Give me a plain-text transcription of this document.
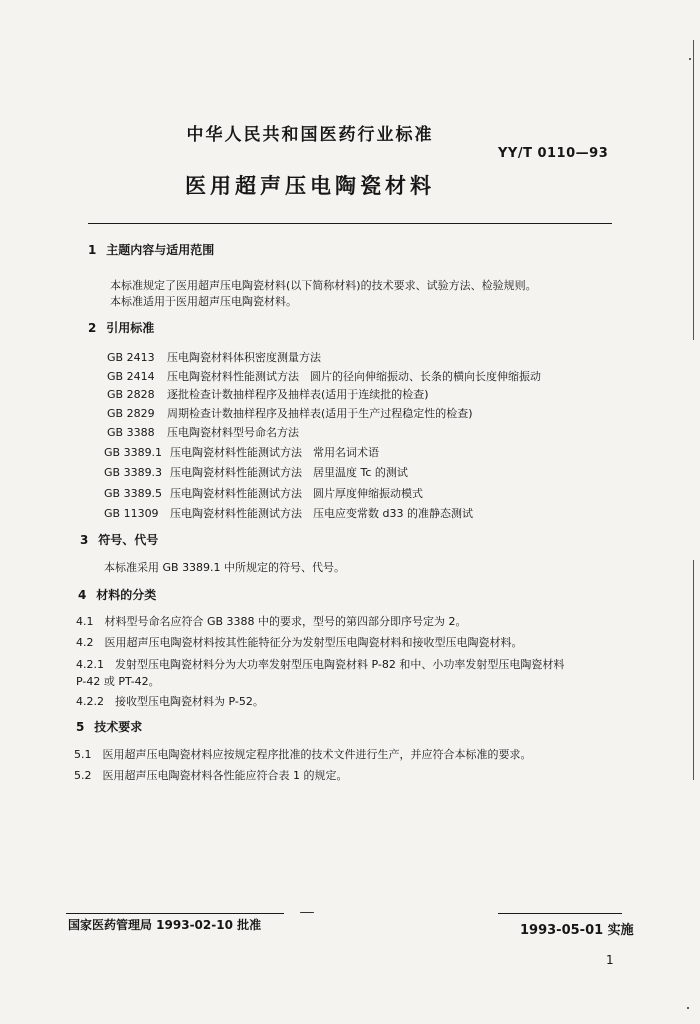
中华人民共和国医药行业标准
YY/T 0110—93
医用超声压电陶瓷材料
1 主题内容与适用范围
本标准规定了医用超声压电陶瓷材料(以下简称材料)的技术要求、试验方法、检验规则。
本标准适用于医用超声压电陶瓷材料。
2 引用标准
GB 2413 压电陶瓷材料体积密度测量方法
GB 2414 压电陶瓷材料性能测试方法　圆片的径向伸缩振动、长条的横向长度伸缩振动
GB 2828 逐批检查计数抽样程序及抽样表(适用于连续批的检查)
GB 2829 周期检查计数抽样程序及抽样表(适用于生产过程稳定性的检查)
GB 3388 压电陶瓷材料型号命名方法
GB 3389.1 压电陶瓷材料性能测试方法　常用名词术语
GB 3389.3 压电陶瓷材料性能测试方法　居里温度 Tc 的测试
GB 3389.5 压电陶瓷材料性能测试方法　圆片厚度伸缩振动模式
GB 11309 压电陶瓷材料性能测试方法　压电应变常数 d33 的准静态测试
3 符号、代号
本标准采用 GB 3389.1 中所规定的符号、代号。
4 材料的分类
4.1　材料型号命名应符合 GB 3388 中的要求，型号的第四部分即序号定为 2。
4.2　医用超声压电陶瓷材料按其性能特征分为发射型压电陶瓷材料和接收型压电陶瓷材料。
4.2.1　发射型压电陶瓷材料分为大功率发射型压电陶瓷材料 P-82 和中、小功率发射型压电陶瓷材料
P-42 或 PT-42。
4.2.2　接收型压电陶瓷材料为 P-52。
5 技术要求
5.1　医用超声压电陶瓷材料应按规定程序批准的技术文件进行生产，并应符合本标准的要求。
5.2　医用超声压电陶瓷材料各性能应符合表 1 的规定。
国家医药管理局 1993-02-10 批准	1993-05-01 实施
1
